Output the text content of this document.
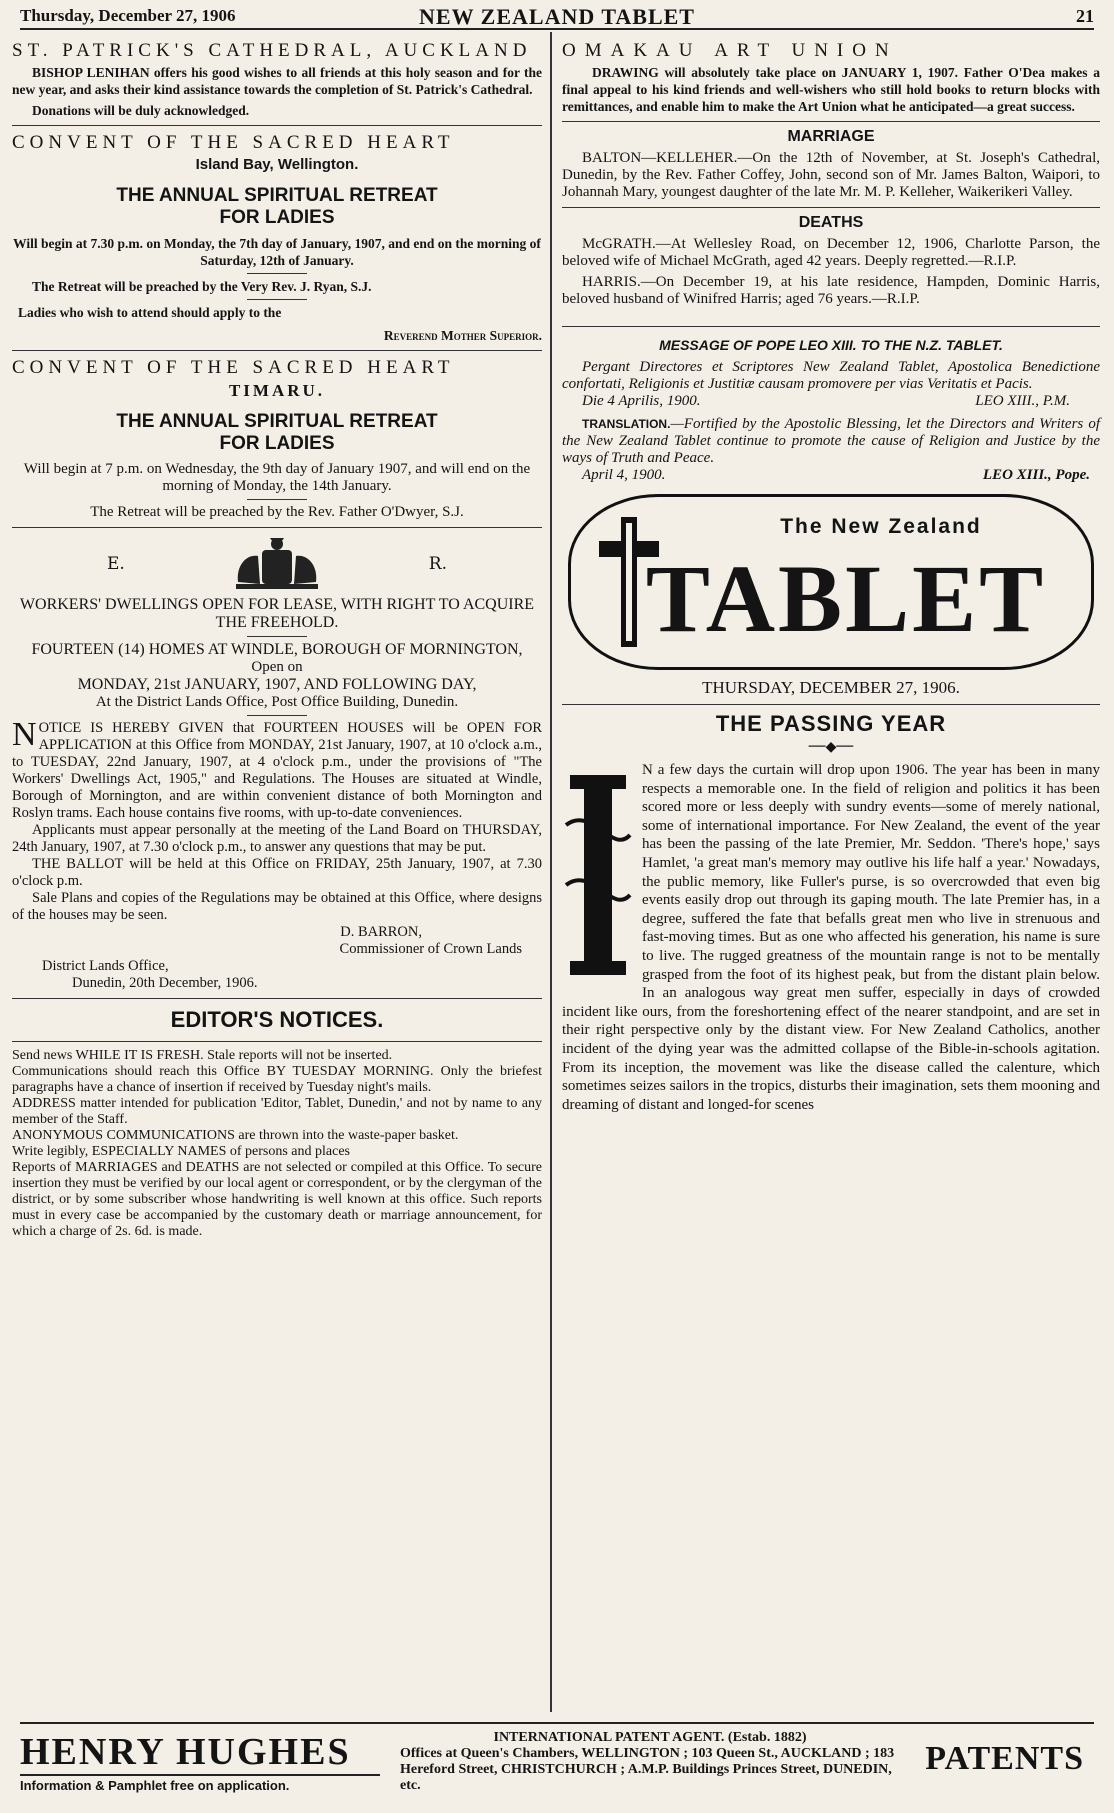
Thursday, December 27, 1906	NEW ZEALAND TABLET	21
ST. PATRICK'S CATHEDRAL, AUCKLAND

BISHOP LENIHAN offers his good wishes to all friends at this holy season and for the new year, and asks their kind assistance towards the completion of St. Patrick's Cathedral.

Donations will be duly acknowledged.

CONVENT OF THE SACRED HEART
Island Bay, Wellington.
THE ANNUAL SPIRITUAL RETREAT
FOR LADIES

Will begin at 7.30 p.m. on Monday, the 7th day of January, 1907, and end on the morning of Saturday, 12th of January.

The Retreat will be preached by the Very Rev. J. Ryan, S.J.

Ladies who wish to attend should apply to the

Reverend Mother Superior.

CONVENT OF THE SACRED HEART
TIMARU.
THE ANNUAL SPIRITUAL RETREAT
FOR LADIES

Will begin at 7 p.m. on Wednesday, the 9th day of January 1907, and will end on the morning of Monday, the 14th January.

The Retreat will be preached by the Rev. Father O'Dwyer, S.J.

E.	R.
WORKERS' DWELLINGS OPEN FOR LEASE, WITH RIGHT TO ACQUIRE THE FREEHOLD.
FOURTEEN (14) HOMES AT WINDLE, BOROUGH OF MORNINGTON,
Open on
MONDAY, 21st JANUARY, 1907, AND FOLLOWING DAY,
At the District Lands Office, Post Office Building, Dunedin.

NOTICE IS HEREBY GIVEN that FOURTEEN HOUSES will be OPEN FOR APPLICATION at this Office from MONDAY, 21st January, 1907, at 10 o'clock a.m., to TUESDAY, 22nd January, 1907, at 4 o'clock p.m., under the provisions of "The Workers' Dwellings Act, 1905," and Regulations. The Houses are situated at Windle, Borough of Mornington, and are within convenient distance of both Mornington and Roslyn trams. Each house contains five rooms, with up-to-date conveniences.

Applicants must appear personally at the meeting of the Land Board on THURSDAY, 24th January, 1907, at 7.30 o'clock p.m., to answer any questions that may be put.

THE BALLOT will be held at this Office on FRIDAY, 25th January, 1907, at 7.30 o'clock p.m.

Sale Plans and copies of the Regulations may be obtained at this Office, where designs of the houses may be seen.

D. BARRON,

Commissioner of Crown Lands

District Lands Office,

Dunedin, 20th December, 1906.

EDITOR'S NOTICES.

Send news WHILE IT IS FRESH. Stale reports will not be inserted.

Communications should reach this Office BY TUESDAY MORNING. Only the briefest paragraphs have a chance of insertion if received by Tuesday night's mails.

ADDRESS matter intended for publication 'Editor, Tablet, Dunedin,' and not by name to any member of the Staff.

ANONYMOUS COMMUNICATIONS are thrown into the waste-paper basket.

Write legibly, ESPECIALLY NAMES of persons and places

Reports of MARRIAGES and DEATHS are not selected or compiled at this Office. To secure insertion they must be verified by our local agent or correspondent, or by the clergyman of the district, or by some subscriber whose handwriting is well known at this office. Such reports must in every case be accompanied by the customary death or marriage announcement, for which a charge of 2s. 6d. is made.

OMAKAU ART UNION

DRAWING will absolutely take place on JANUARY 1, 1907. Father O'Dea makes a final appeal to his kind friends and well-wishers who still hold books to return blocks with remittances, and enable him to make the Art Union what he anticipated—a great success.

MARRIAGE

BALTON—KELLEHER.—On the 12th of November, at St. Joseph's Cathedral, Dunedin, by the Rev. Father Coffey, John, second son of Mr. James Balton, Waipori, to Johannah Mary, youngest daughter of the late Mr. M. P. Kelleher, Waikerikeri Valley.

DEATHS

McGRATH.—At Wellesley Road, on December 12, 1906, Charlotte Parson, the beloved wife of Michael McGrath, aged 42 years. Deeply regretted.—R.I.P.

HARRIS.—On December 19, at his late residence, Hampden, Dominic Harris, beloved husband of Winifred Harris; aged 76 years.—R.I.P.

MESSAGE OF POPE LEO XIII. TO THE N.Z. TABLET.

Pergant Directores et Scriptores New Zealand Tablet, Apostolica Benedictione confortati, Religionis et Justitiæ causam promovere per vias Veritatis et Pacis.

Die 4 Aprilis, 1900.	LEO XIII., P.M.

TRANSLATION.—Fortified by the Apostolic Blessing, let the Directors and Writers of the New Zealand Tablet continue to promote the cause of Religion and Justice by the ways of Truth and Peace.

April 4, 1900.	LEO XIII., Pope.
The New Zealand
TABLET
THURSDAY, DECEMBER 27, 1906.
THE PASSING YEAR
──◆──

N a few days the curtain will drop upon 1906. The year has been in many respects a memorable one. In the field of religion and politics it has been scored more or less deeply with sundry events—some of merely national, some of international importance. For New Zealand, the event of the year has been the passing of the late Premier, Mr. Seddon. 'There's hope,' says Hamlet, 'a great man's memory may outlive his life half a year.' Nowadays, the public memory, like Fuller's purse, is so overcrowded that even big events easily drop out through its gaping mouth. The late Premier has, in a degree, suffered the fate that befalls great men who live in strenuous and fast-moving times. But as one who affected his generation, his name is sure to live. The rugged greatness of the mountain range is not to be mentally grasped from the foot of its highest peak, but from the distant plain below. In an analogous way great men suffer, especially in days of crowded incident like ours, from the foreshortening effect of the nearer standpoint, and are set in their right perspective only by the distant view. For New Zealand Catholics, another incident of the dying year was the admitted collapse of the Bible-in-schools agitation. From its inception, the movement was like the disease called the calenture, which sometimes seizes sailors in the tropics, disturbs their imagination, sets them mooning and dreaming of distant and longed-for scenes

HENRY HUGHES
Information & Pamphlet free on application.
INTERNATIONAL PATENT AGENT. (Estab. 1882)
Offices at Queen's Chambers, WELLINGTON ; 103 Queen St., AUCKLAND ; 183 Hereford Street, CHRISTCHURCH ; A.M.P. Buildings Princes Street, DUNEDIN, etc.
PATENTS
